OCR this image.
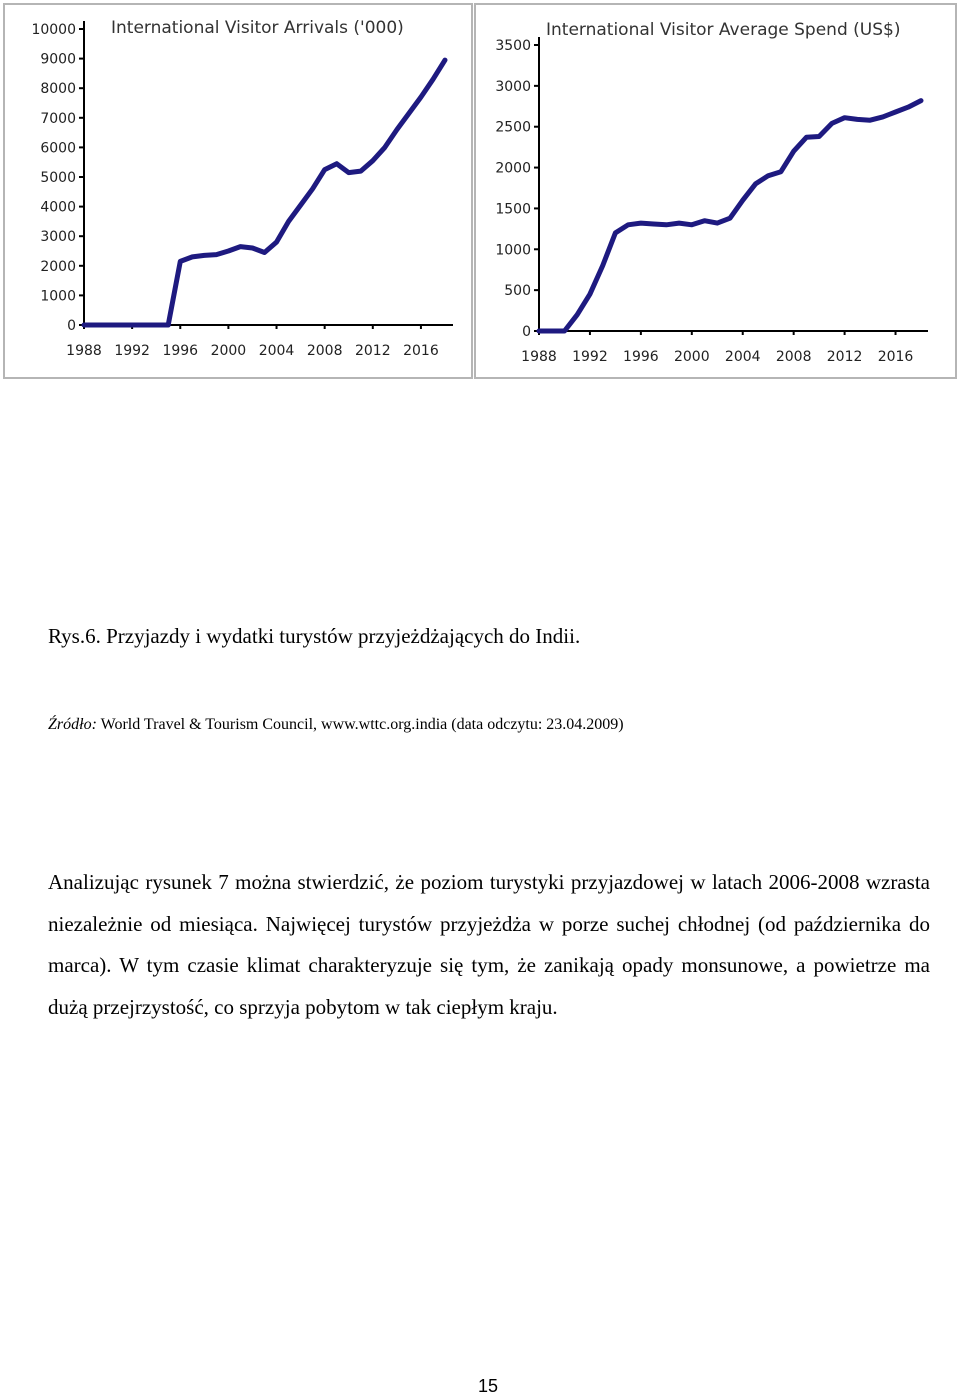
International Visitor Arrivals ('000)
0
1000
2000
3000
4000
5000
6000
7000
8000
9000
10000
1988 1992 1996 2000 2004 2008 2012 2016
International Visitor Average Spend (US$)
0
500
1000
1500
2000
2500
3000
3500
1988 1992 1996 2000 2004 2008 2012 2016

Rys.6. Przyjazdy i wydatki turystów przyjeżdżających do Indii.

Źródło: World Travel & Tourism Council, www.wttc.org.india (data odczytu: 23.04.2009)

Analizując rysunek 7 można stwierdzić, że poziom turystyki przyjazdowej w latach 2006-2008 wzrasta niezależnie od miesiąca. Najwięcej turystów przyjeżdża w porze suchej chłodnej (od października do marca). W tym czasie klimat charakteryzuje się tym, że zanikają opady monsunowe, a powietrze ma dużą przejrzystość, co sprzyja pobytom w tak ciepłym kraju.

15
